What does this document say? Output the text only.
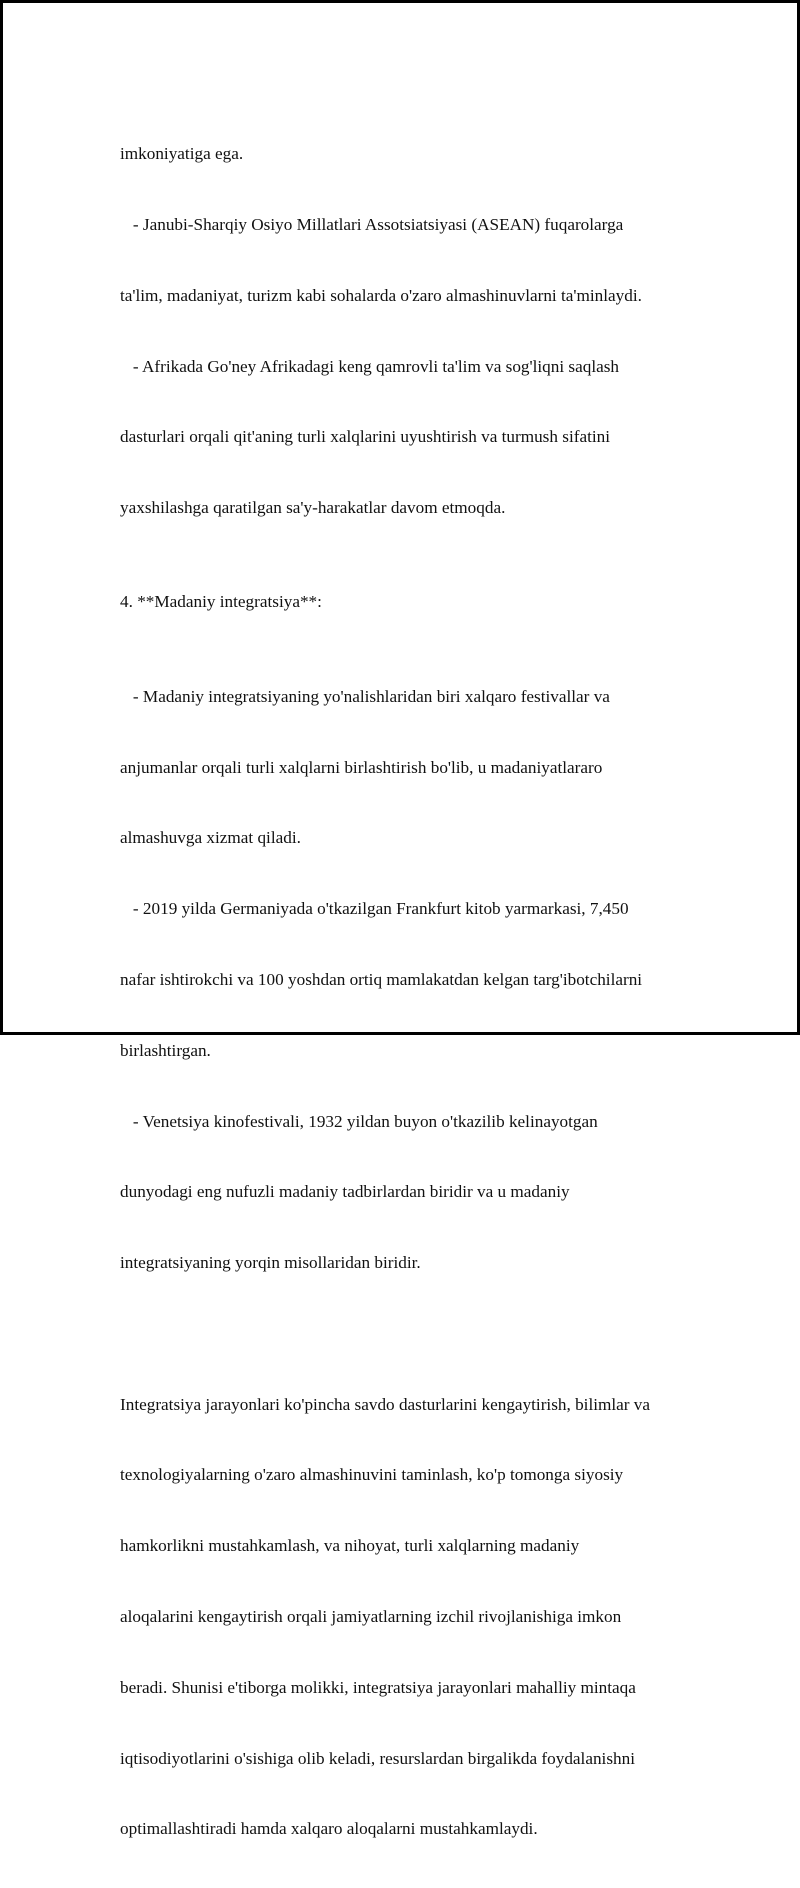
imkoniyatiga ega.

- Janubi-Sharqiy Osiyo Millatlari Assotsiatsiyasi (ASEAN) fuqarolarga

ta'lim, madaniyat, turizm kabi sohalarda o'zaro almashinuvlarni ta'minlaydi.

- Afrikada Go'ney Afrikadagi keng qamrovli ta'lim va sog'liqni saqlash

dasturlari orqali qit'aning turli xalqlarini uyushtirish va turmush sifatini

yaxshilashga qaratilgan sa'y-harakatlar davom etmoqda.

4. **Madaniy integratsiya**:

- Madaniy integratsiyaning yo'nalishlaridan biri xalqaro festivallar va

anjumanlar orqali turli xalqlarni birlashtirish bo'lib, u madaniyatlararo

almashuvga xizmat qiladi.

- 2019 yilda Germaniyada o'tkazilgan Frankfurt kitob yarmarkasi, 7,450

nafar ishtirokchi va 100 yoshdan ortiq mamlakatdan kelgan targ'ibotchilarni

birlashtirgan.

- Venetsiya kinofestivali, 1932 yildan buyon o'tkazilib kelinayotgan

dunyodagi eng nufuzli madaniy tadbirlardan biridir va u madaniy

integratsiyaning yorqin misollaridan biridir.

Integratsiya jarayonlari ko'pincha savdo dasturlarini kengaytirish, bilimlar va

texnologiyalarning o'zaro almashinuvini taminlash, ko'p tomonga siyosiy

hamkorlikni mustahkamlash, va nihoyat, turli xalqlarning madaniy

aloqalarini kengaytirish orqali jamiyatlarning izchil rivojlanishiga imkon

beradi. Shunisi e'tiborga molikki, integratsiya jarayonlari mahalliy mintaqa

iqtisodiyotlarini o'sishiga olib keladi, resurslardan birgalikda foydalanishni

optimallashtiradi hamda xalqaro aloqalarni mustahkamlaydi.
